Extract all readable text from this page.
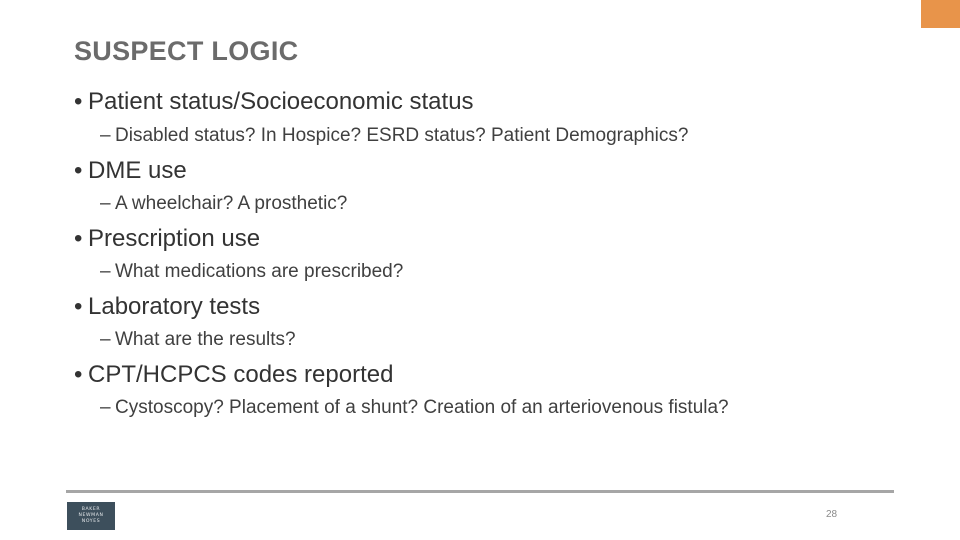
SUSPECT LOGIC
• Patient status/Socioeconomic status
– Disabled status? In Hospice? ESRD status? Patient Demographics?
• DME use
– A wheelchair? A prosthetic?
• Prescription use
– What medications are prescribed?
• Laboratory tests
– What are the results?
• CPT/HCPCS codes reported
– Cystoscopy? Placement of a shunt? Creation of an arteriovenous fistula?
BAKER
NEWMAN
NOYES
28
